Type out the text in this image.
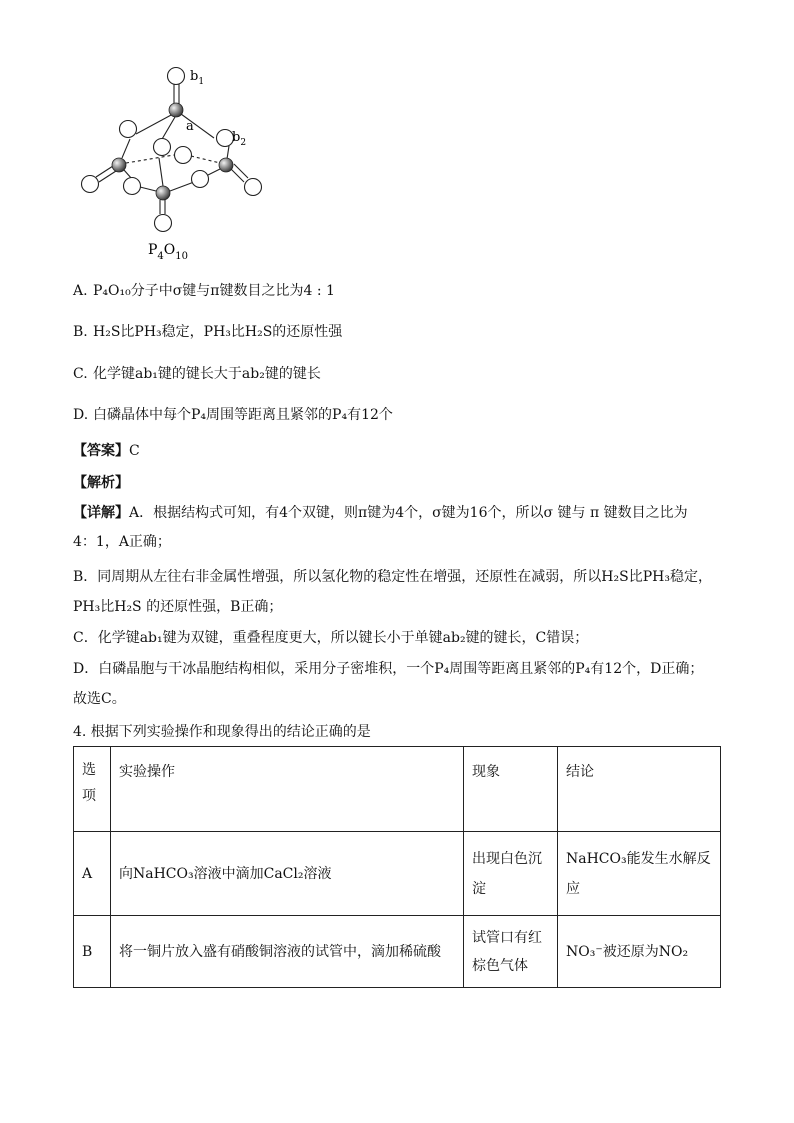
$b_1$
a
$b_2$
$P_4O_{10}$
A. P₄O₁₀分子中σ键与π键数目之比为4 : 1
B. H₂S比PH₃稳定，PH₃比H₂S的还原性强
C. 化学键ab₁键的键长大于ab₂键的键长
D. 白磷晶体中每个P₄周围等距离且紧邻的P₄有12个
【答案】C
【解析】
【详解】A．根据结构式可知，有4个双键，则π键为4个，σ键为16个，所以σ 键与 π 键数目之比为
4：1，A正确；
B．同周期从左往右非金属性增强，所以氢化物的稳定性在增强，还原性在减弱，所以H₂S比PH₃稳定，
PH₃比H₂S 的还原性强，B正确；
C．化学键ab₁键为双键，重叠程度更大，所以键长小于单键ab₂键的键长，C错误；
D．白磷晶胞与干冰晶胞结构相似，采用分子密堆积，一个P₄周围等距离且紧邻的P₄有12个，D正确；
故选C。
4. 根据下列实验操作和现象得出的结论正确的是
选项	实验操作	现象	结论
A	向NaHCO₃溶液中滴加CaCl₂溶液	出现白色沉淀	NaHCO₃能发生水解反应
B	将一铜片放入盛有硝酸铜溶液的试管中，滴加稀硫酸	试管口有红棕色气体	NO₃⁻被还原为NO₂
